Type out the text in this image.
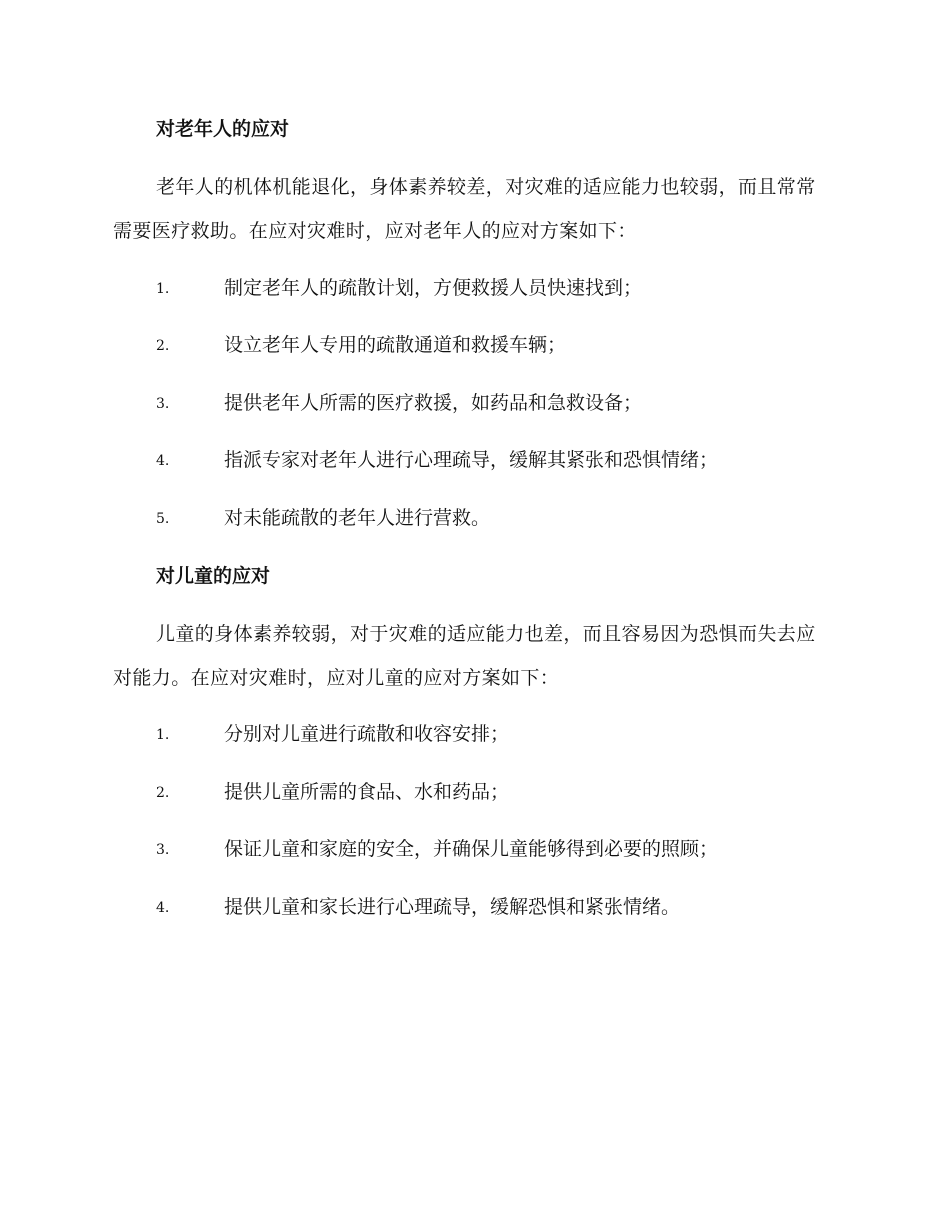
对老年人的应对

老年人的机体机能退化，身体素养较差，对灾难的适应能力也较弱，而且常常需要医疗救助。在应对灾难时，应对老年人的应对方案如下：

1.	制定老年人的疏散计划，方便救援人员快速找到；
2.	设立老年人专用的疏散通道和救援车辆；
3.	提供老年人所需的医疗救援，如药品和急救设备；
4.	指派专家对老年人进行心理疏导，缓解其紧张和恐惧情绪；
5.	对未能疏散的老年人进行营救。
对儿童的应对

儿童的身体素养较弱，对于灾难的适应能力也差，而且容易因为恐惧而失去应对能力。在应对灾难时，应对儿童的应对方案如下：

1.	分别对儿童进行疏散和收容安排；
2.	提供儿童所需的食品、水和药品；
3.	保证儿童和家庭的安全，并确保儿童能够得到必要的照顾；
4.	提供儿童和家长进行心理疏导，缓解恐惧和紧张情绪。
